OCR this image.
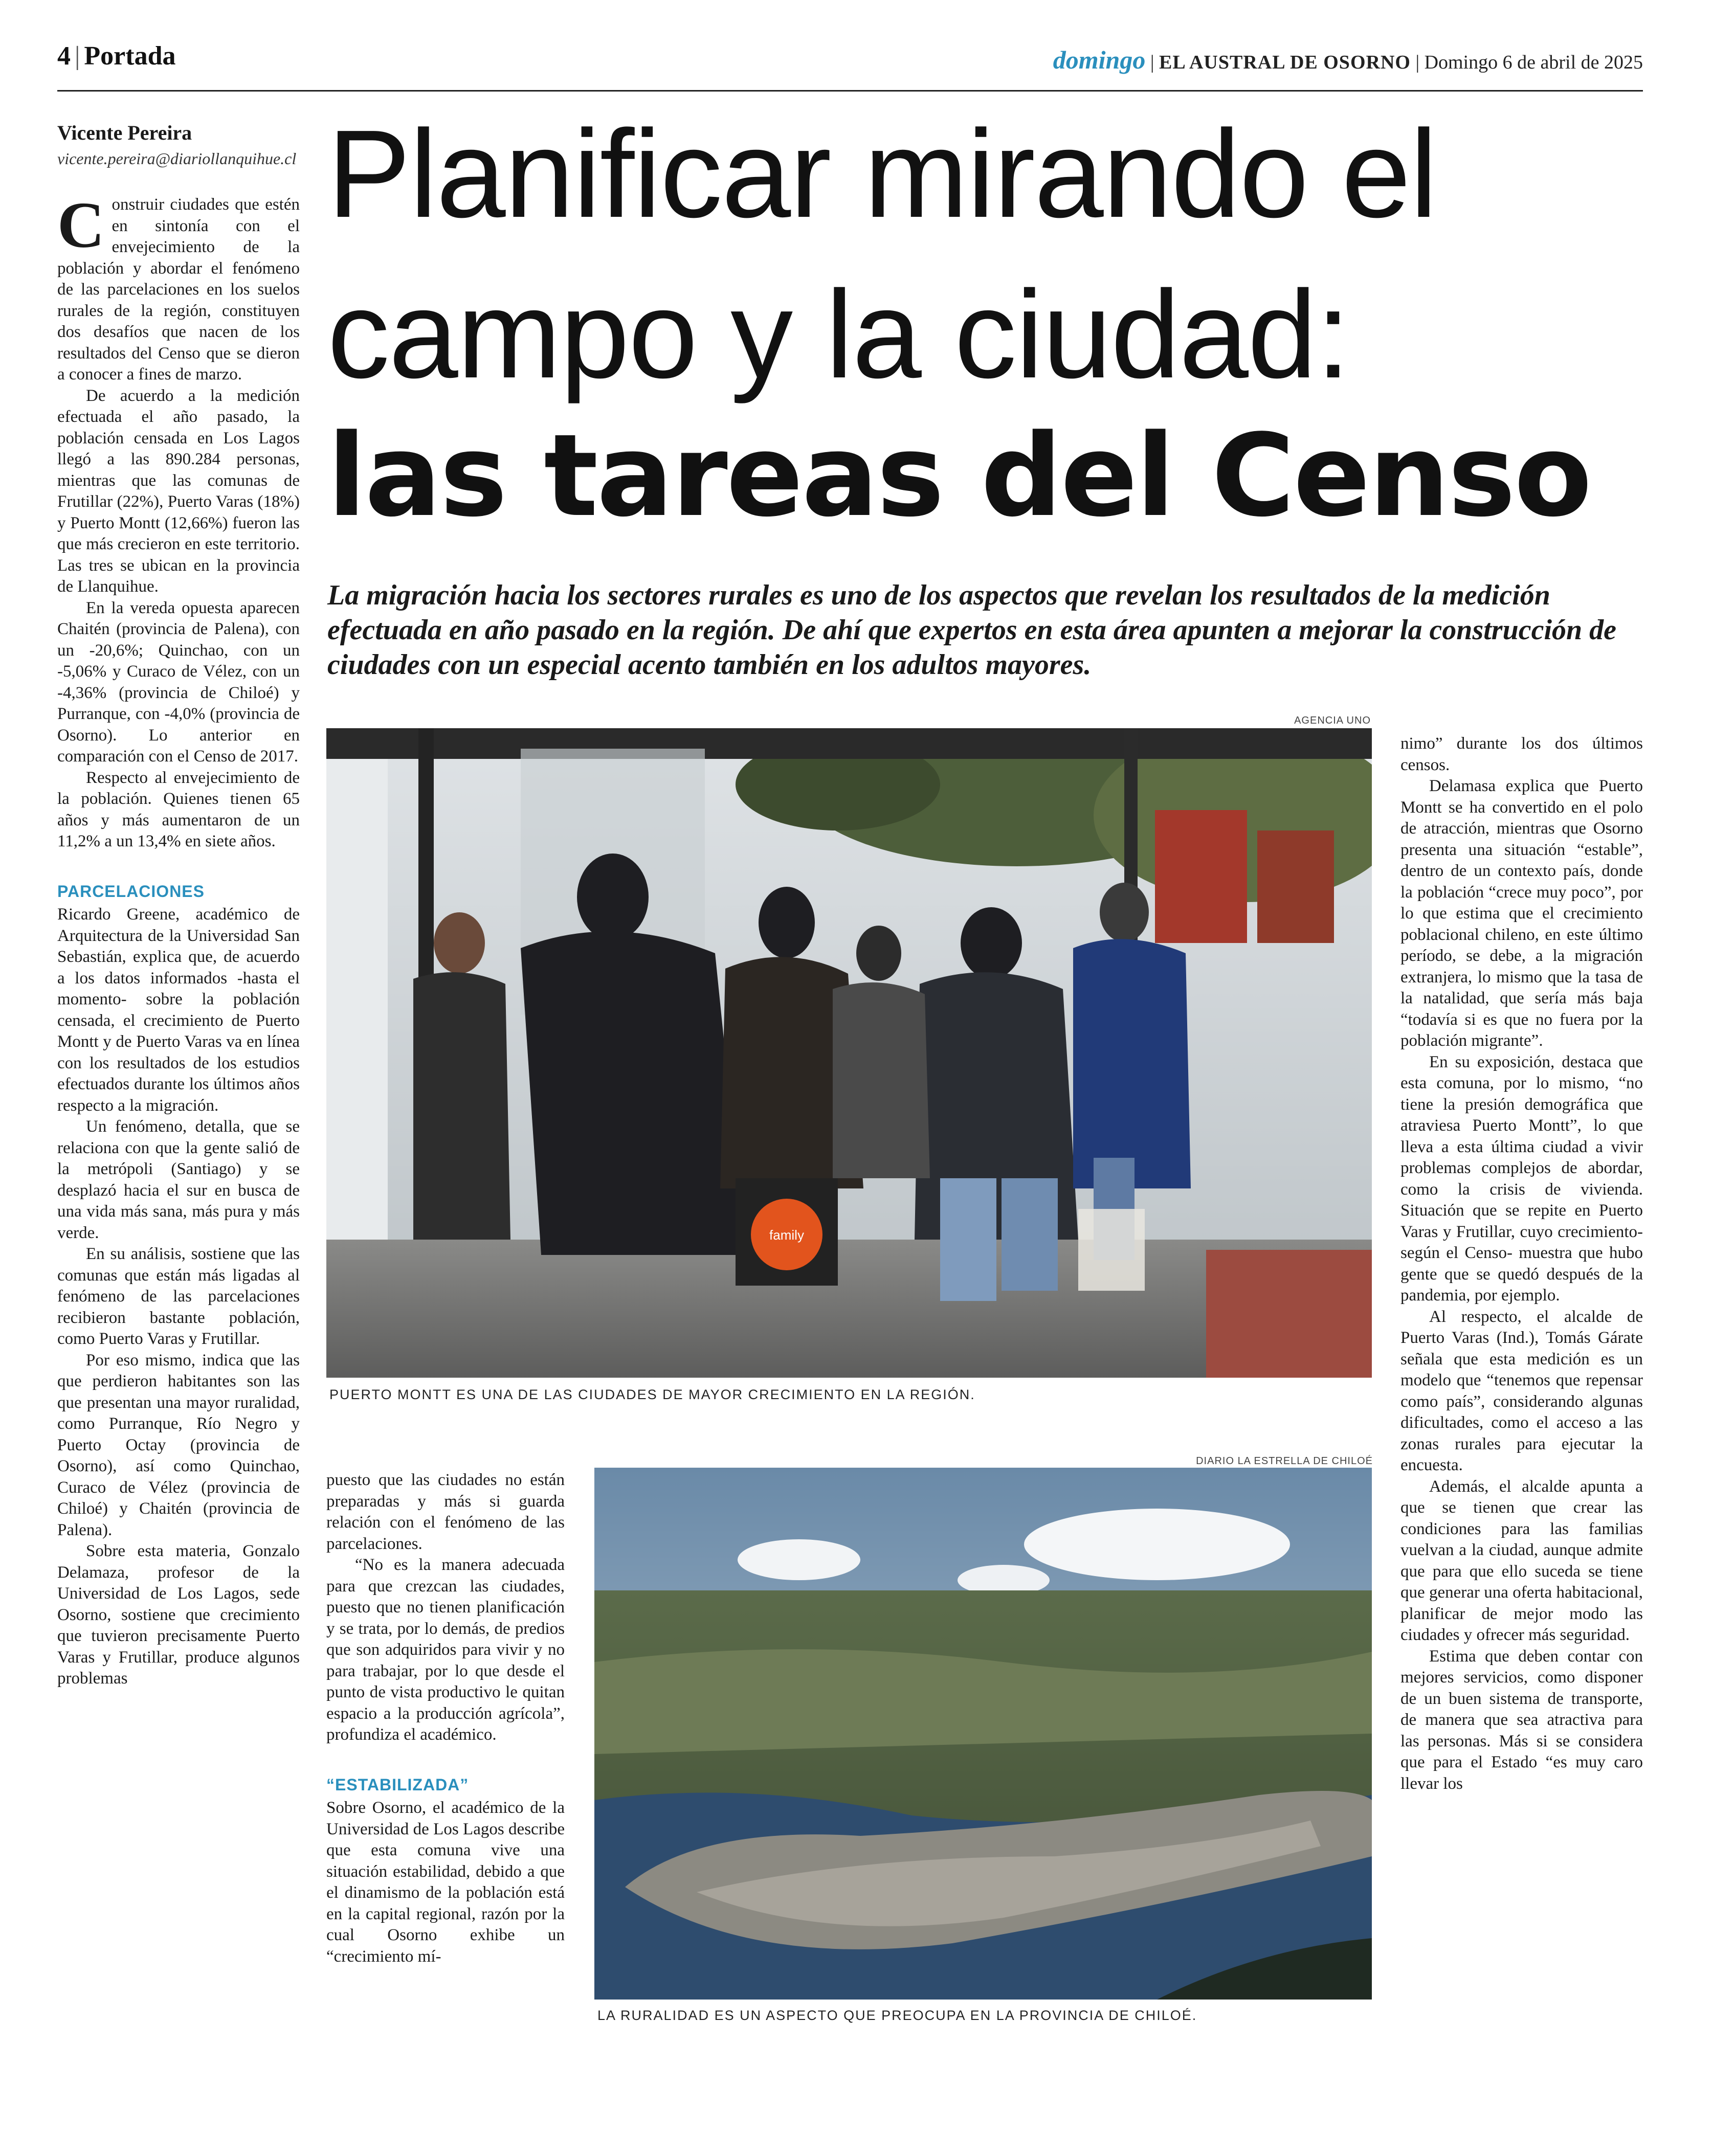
4 | Portada	domingo | EL AUSTRAL DE OSORNO | Domingo 6 de abril de 2025
Vicente Pereira
vicente.pereira@diariollanquihue.cl Planificar mirando el
campo y la ciudad:
las tareas del Censo
La migración hacia los sectores rurales es uno de los aspectos que revelan los resultados de la medición efectuada en año pasado en la región. De ahí que expertos en esta área apunten a mejorar la construcción de ciudades con un especial acento también en los adultos mayores.

Construir ciudades que estén en sintonía con el envejecimiento de la población y abordar el fenómeno de las parcelaciones en los suelos rurales de la región, constituyen dos desafíos que nacen de los resultados del Censo que se dieron a conocer a fines de marzo.

De acuerdo a la medición efectuada el año pasado, la población censada en Los Lagos llegó a las 890.284 personas, mientras que las comunas de Frutillar (22%), Puerto Varas (18%) y Puerto Montt (12,66%) fueron las que más crecieron en este territorio. Las tres se ubican en la provincia de Llanquihue.

En la vereda opuesta aparecen Chaitén (provincia de Palena), con un -20,6%; Quinchao, con un -5,06% y Curaco de Vélez, con un -4,36% (provincia de Chiloé) y Purranque, con -4,0% (provincia de Osorno). Lo anterior en comparación con el Censo de 2017.

Respecto al envejecimiento de la población. Quienes tienen 65 años y más aumentaron de un 11,2% a un 13,4% en siete años.

PARCELACIONES

Ricardo Greene, académico de Arquitectura de la Universidad San Sebastián, explica que, de acuerdo a los datos informados -hasta el momento- sobre la población censada, el crecimiento de Puerto Montt y de Puerto Varas va en línea con los resultados de los estudios efectuados durante los últimos años respecto a la migración.

Un fenómeno, detalla, que se relaciona con que la gente salió de la metrópoli (Santiago) y se desplazó hacia el sur en busca de una vida más sana, más pura y más verde.

En su análisis, sostiene que las comunas que están más ligadas al fenómeno de las parcelaciones recibieron bastante población, como Puerto Varas y Frutillar.

Por eso mismo, indica que las que perdieron habitantes son las que presentan una mayor ruralidad, como Purranque, Río Negro y Puerto Octay (provincia de Osorno), así como Quinchao, Curaco de Vélez (provincia de Chiloé) y Chaitén (provincia de Palena).

Sobre esta materia, Gonzalo Delamaza, profesor de la Universidad de Los Lagos, sede Osorno, sostiene que crecimiento que tuvieron precisamente Puerto Varas y Frutillar, produce algunos problemas

AGENCIA UNO
family
PUERTO MONTT ES UNA DE LAS CIUDADES DE MAYOR CRECIMIENTO EN LA REGIÓN.

puesto que las ciudades no están preparadas y más si guarda relación con el fenómeno de las parcelaciones.

“No es la manera adecuada para que crezcan las ciudades, puesto que no tienen planificación y se trata, por lo demás, de predios que son adquiridos para vivir y no para trabajar, por lo que desde el punto de vista productivo le quitan espacio a la producción agrícola”, profundiza el académico.

“ESTABILIZADA”

Sobre Osorno, el académico de la Universidad de Los Lagos describe que esta comuna vive una situación estabilidad, debido a que el dinamismo de la población está en la capital regional, razón por la cual Osorno exhibe un “crecimiento mí-

DIARIO LA ESTRELLA DE CHILOÉ
LA RURALIDAD ES UN ASPECTO QUE PREOCUPA EN LA PROVINCIA DE CHILOÉ.

nimo” durante los dos últimos censos.

Delamasa explica que Puerto Montt se ha convertido en el polo de atracción, mientras que Osorno presenta una situación “estable”, dentro de un contexto país, donde la población “crece muy poco”, por lo que estima que el crecimiento poblacional chileno, en este último período, se debe, a la migración extranjera, lo mismo que la tasa de la natalidad, que sería más baja “todavía si es que no fuera por la población migrante”.

En su exposición, destaca que esta comuna, por lo mismo, “no tiene la presión demográfica que atraviesa Puerto Montt”, lo que lleva a esta última ciudad a vivir problemas complejos de abordar, como la crisis de vivienda. Situación que se repite en Puerto Varas y Frutillar, cuyo crecimiento-según el Censo- muestra que hubo gente que se quedó después de la pandemia, por ejemplo.

Al respecto, el alcalde de Puerto Varas (Ind.), Tomás Gárate señala que esta medición es un modelo que “tenemos que repensar como país”, considerando algunas dificultades, como el acceso a las zonas rurales para ejecutar la encuesta.

Además, el alcalde apunta a que se tienen que crear las condiciones para las familias vuelvan a la ciudad, aunque admite que para que ello suceda se tiene que generar una oferta habitacional, planificar de mejor modo las ciudades y ofrecer más seguridad.

Estima que deben contar con mejores servicios, como disponer de un buen sistema de transporte, de manera que sea atractiva para las personas. Más si se considera que para el Estado “es muy caro llevar los
